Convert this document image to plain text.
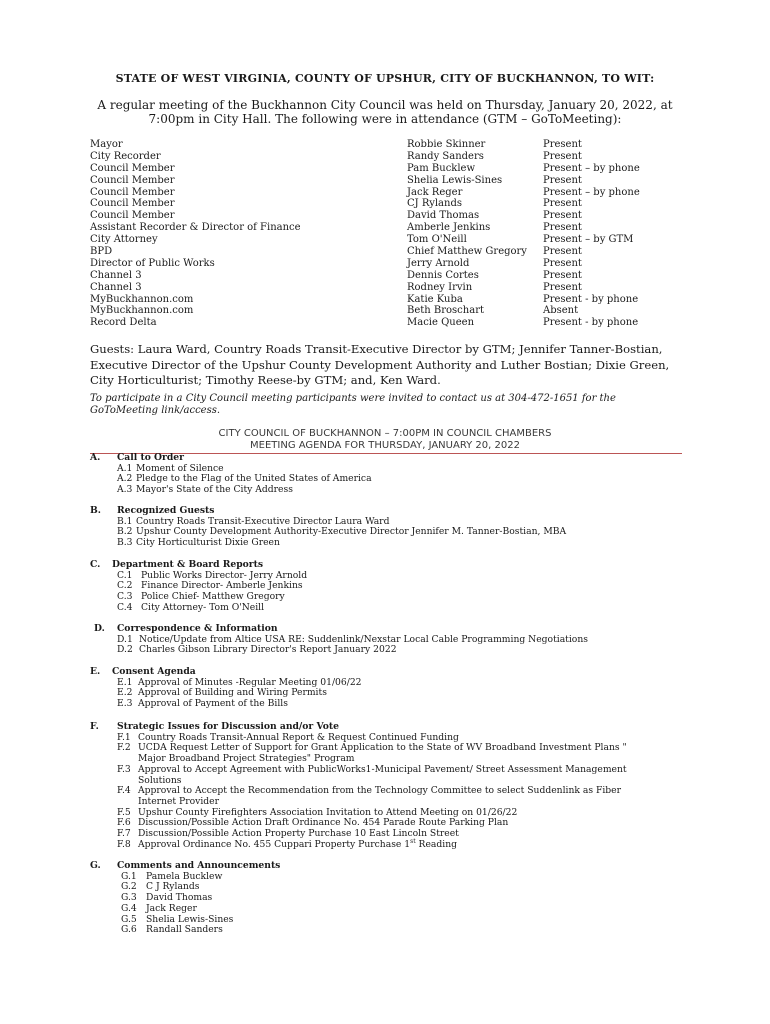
STATE OF WEST VIRGINIA, COUNTY OF UPSHUR, CITY OF BUCKHANNON, TO WIT:
A regular meeting of the Buckhannon City Council was held on Thursday, January 20, 2022, at 7:00pm in City Hall. The following were in attendance (GTM – GoToMeeting):
Mayor
City Recorder
Council Member
Council Member
Council Member
Council Member
Council Member
Assistant Recorder & Director of Finance
City Attorney
BPD
Director of Public Works
Channel 3
Channel 3
MyBuckhannon.com
MyBuckhannon.com
Record Delta
Robbie Skinner
Randy Sanders
Pam Bucklew
Shelia Lewis-Sines
Jack Reger
CJ Rylands
David Thomas
Amberle Jenkins
Tom O'Neill
Chief Matthew Gregory
Jerry Arnold
Dennis Cortes
Rodney Irvin
Katie Kuba
Beth Broschart
Macie Queen
Present
Present
Present – by phone
Present
Present – by phone
Present
Present
Present
Present – by GTM
Present
Present
Present
Present
Present - by phone
Absent
Present - by phone
Guests: Laura Ward, Country Roads Transit-Executive Director by GTM; Jennifer Tanner-Bostian, Executive Director of the Upshur County Development Authority and Luther Bostian; Dixie Green, City Horticulturist; Timothy Reese-by GTM; and, Ken Ward.
To participate in a City Council meeting participants were invited to contact us at 304-472-1651 for the GoToMeeting link/access.
CITY COUNCIL OF BUCKHANNON – 7:00PM IN COUNCIL CHAMBERS
MEETING AGENDA FOR THURSDAY, JANUARY 20, 2022
A. Call to Order
A.1 Moment of Silence
A.2 Pledge to the Flag of the United States of America
A.3 Mayor's State of the City Address
B. Recognized Guests
B.1 Country Roads Transit-Executive Director Laura Ward
B.2 Upshur County Development Authority-Executive Director Jennifer M. Tanner-Bostian, MBA
B.3 City Horticulturist Dixie Green
C. Department & Board Reports
C.1 Public Works Director- Jerry Arnold
C.2 Finance Director- Amberle Jenkins
C.3 Police Chief- Matthew Gregory
C.4 City Attorney- Tom O'Neill
D. Correspondence & Information
D.1 Notice/Update from Altice USA RE: Suddenlink/Nexstar Local Cable Programming Negotiations
D.2 Charles Gibson Library Director's Report January 2022
E. Consent Agenda
E.1 Approval of Minutes -Regular Meeting 01/06/22
E.2 Approval of Building and Wiring Permits
E.3 Approval of Payment of the Bills
F. Strategic Issues for Discussion and/or Vote
F.1 Country Roads Transit-Annual Report & Request Continued Funding
F.2 UCDA Request Letter of Support for Grant Application to the State of WV Broadband Investment Plans " Major Broadband Project Strategies" Program
F.3 Approval to Accept Agreement with PublicWorks1-Municipal Pavement/ Street Assessment Management Solutions
F.4 Approval to Accept the Recommendation from the Technology Committee to select Suddenlink as Fiber Internet Provider
F.5 Upshur County Firefighters Association Invitation to Attend Meeting on 01/26/22
F.6 Discussion/Possible Action Draft Ordinance No. 454 Parade Route Parking Plan
F.7 Discussion/Possible Action Property Purchase 10 East Lincoln Street
F.8 Approval Ordinance No. 455 Cuppari Property Purchase 1st Reading
G. Comments and Announcements
G.1 Pamela Bucklew
G.2 C J Rylands
G.3 David Thomas
G.4 Jack Reger
G.5 Shelia Lewis-Sines
G.6 Randall Sanders
